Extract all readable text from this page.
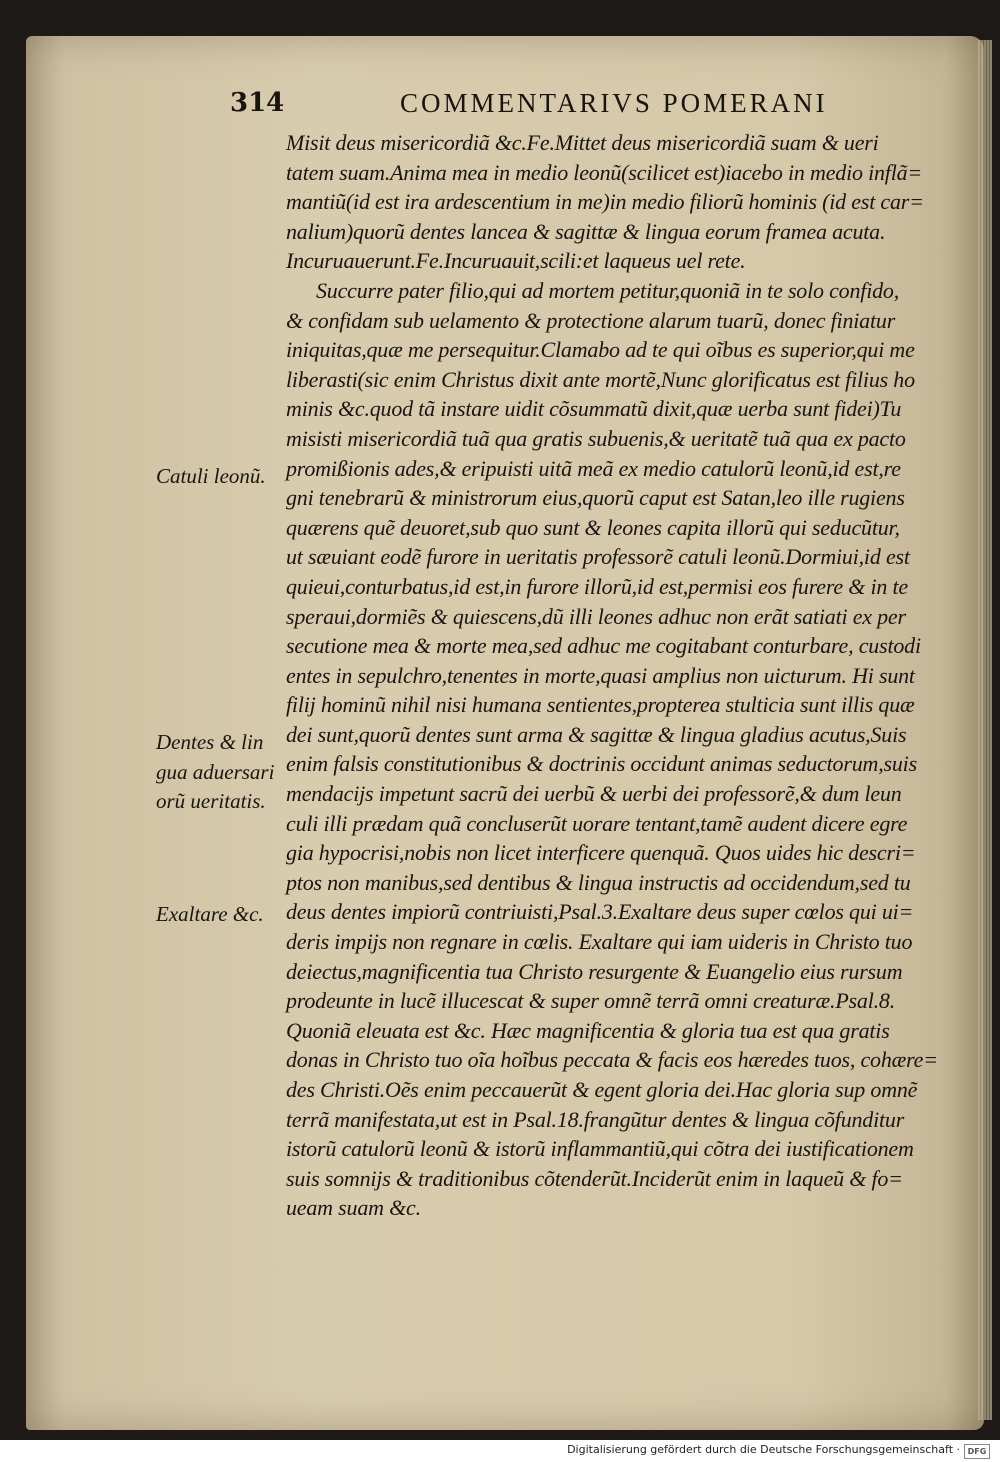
314	COMMENTARIVS POMERANI
Misit deus misericordiã &c.Fe.Mittet deus misericordiã suam & ueri
tatem suam.Anima mea in medio leonũ(scilicet est)iacebo in medio inflã=
mantiũ(id est ira ardescentium in me)in medio filiorũ hominis (id est car=
nalium)quorũ dentes lancea & sagittæ & lingua eorum framea acuta.
Incuruauerunt.Fe.Incuruauit,scili:et laqueus uel rete.
Succurre pater filio,qui ad mortem petitur,quoniã in te solo confido,
& confidam sub uelamento & protectione alarum tuarũ, donec finiatur
iniquitas,quæ me persequitur.Clamabo ad te qui oĩbus es superior,qui me
liberasti(sic enim Christus dixit ante mortẽ,Nunc glorificatus est filius ho
minis &c.quod tã instare uidit cõsummatũ dixit,quæ uerba sunt fidei)Tu
misisti misericordiã tuã qua gratis subuenis,& ueritatẽ tuã qua ex pacto
promißionis ades,& eripuisti uitã meã ex medio catulorũ leonũ,id est,re
gni tenebrarũ & ministrorum eius,quorũ caput est Satan,leo ille rugiens
quærens quẽ deuoret,sub quo sunt & leones capita illorũ qui seducũtur,
ut sæuiant eodẽ furore in ueritatis professorẽ catuli leonũ.Dormiui,id est
quieui,conturbatus,id est,in furore illorũ,id est,permisi eos furere & in te
speraui,dormiẽs & quiescens,dũ illi leones adhuc non erãt satiati ex per
secutione mea & morte mea,sed adhuc me cogitabant conturbare, custodi
entes in sepulchro,tenentes in morte,quasi amplius non uicturum. Hi sunt
filij hominũ nihil nisi humana sentientes,propterea stulticia sunt illis quæ
dei sunt,quorũ dentes sunt arma & sagittæ & lingua gladius acutus,Suis
enim falsis constitutionibus & doctrinis occidunt animas seductorum,suis
mendacijs impetunt sacrũ dei uerbũ & uerbi dei professorẽ,& dum leun
culi illi prædam quã concluserũt uorare tentant,tamẽ audent dicere egre
gia hypocrisi,nobis non licet interficere quenquã. Quos uides hic descri=
ptos non manibus,sed dentibus & lingua instructis ad occidendum,sed tu
deus dentes impiorũ contriuisti,Psal.3.Exaltare deus super cœlos qui ui=
deris impijs non regnare in cœlis. Exaltare qui iam uideris in Christo tuo
deiectus,magnificentia tua Christo resurgente & Euangelio eius rursum
prodeunte in lucẽ illucescat & super omnẽ terrã omni creaturæ.Psal.8.
Quoniã eleuata est &c. Hæc magnificentia & gloria tua est qua gratis
donas in Christo tuo oĩa hoĩbus peccata & facis eos hæredes tuos, cohære=
des Christi.Oẽs enim peccauerũt & egent gloria dei.Hac gloria sup omnẽ
terrã manifestata,ut est in Psal.18.frangũtur dentes & lingua cõfunditur
istorũ catulorũ leonũ & istorũ inflammantiũ,qui cõtra dei iustificationem
suis somnijs & traditionibus cõtenderũt.Inciderũt enim in laqueũ & fo=
ueam suam &c.
Catuli leonũ.
Dentes & lin
gua aduersari
orũ ueritatis.
Exaltare &c.
Digitalisierung gefördert durch die Deutsche Forschungsgemeinschaft · DFG
